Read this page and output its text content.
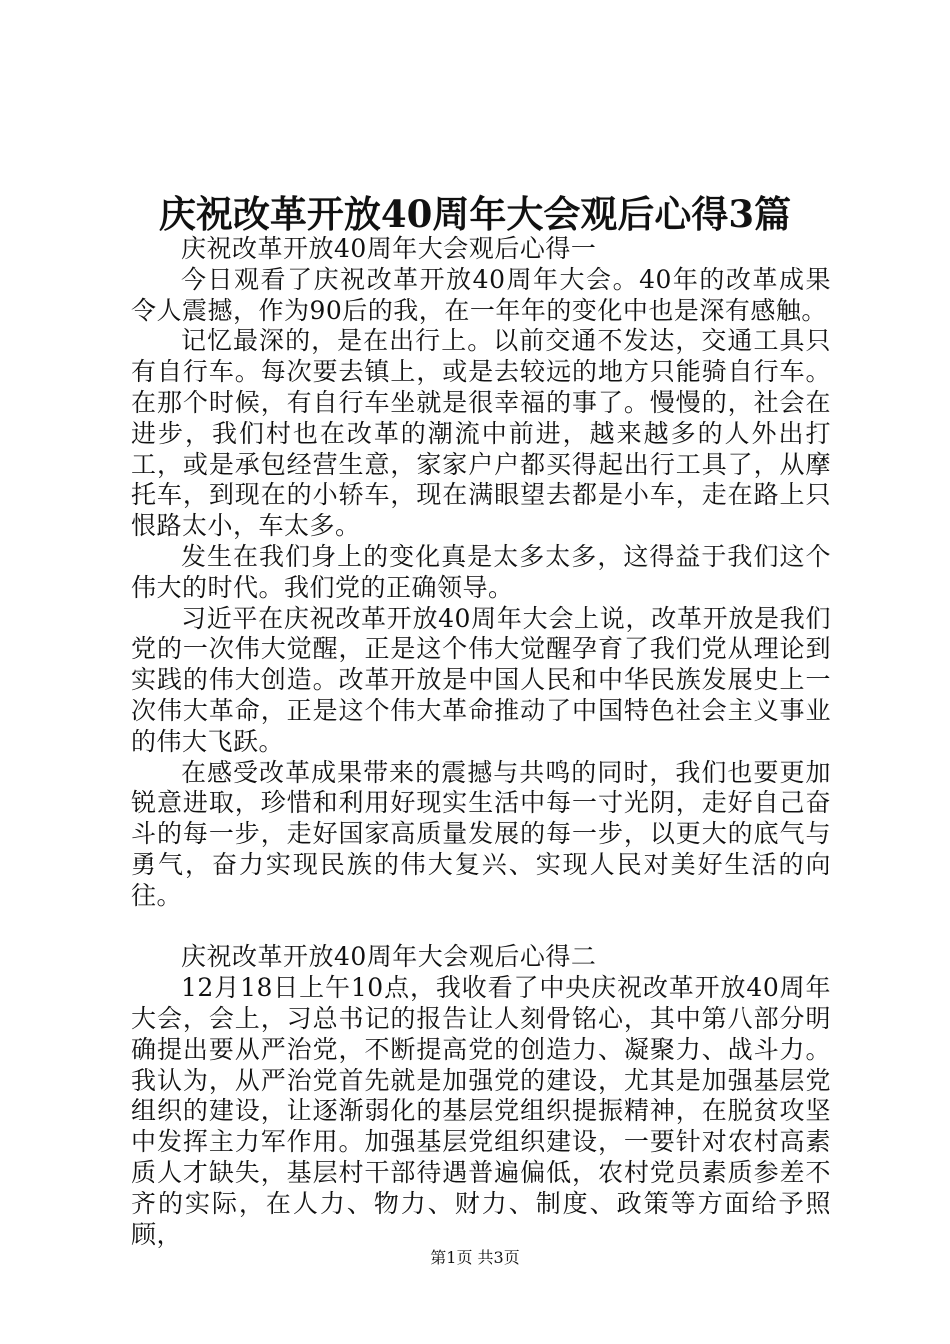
庆祝改革开放40周年大会观后心得3篇

庆祝改革开放40周年大会观后心得一

今日观看了庆祝改革开放40周年大会。40年的改革成果令人震撼，作为90后的我，在一年年的变化中也是深有感触。

记忆最深的，是在出行上。以前交通不发达，交通工具只有自行车。每次要去镇上，或是去较远的地方只能骑自行车。在那个时候，有自行车坐就是很幸福的事了。慢慢的，社会在进步，我们村也在改革的潮流中前进，越来越多的人外出打工，或是承包经营生意，家家户户都买得起出行工具了，从摩托车，到现在的小轿车，现在满眼望去都是小车，走在路上只恨路太小，车太多。

发生在我们身上的变化真是太多太多，这得益于我们这个伟大的时代。我们党的正确领导。

习近平在庆祝改革开放40周年大会上说，改革开放是我们党的一次伟大觉醒，正是这个伟大觉醒孕育了我们党从理论到实践的伟大创造。改革开放是中国人民和中华民族发展史上一次伟大革命，正是这个伟大革命推动了中国特色社会主义事业的伟大飞跃。

在感受改革成果带来的震撼与共鸣的同时，我们也要更加锐意进取，珍惜和利用好现实生活中每一寸光阴，走好自己奋斗的每一步，走好国家高质量发展的每一步，以更大的底气与勇气，奋力实现民族的伟大复兴、实现人民对美好生活的向往。

庆祝改革开放40周年大会观后心得二

12月18日上午10点，我收看了中央庆祝改革开放40周年大会，会上，习总书记的报告让人刻骨铭心，其中第八部分明确提出要从严治党，不断提高党的创造力、凝聚力、战斗力。我认为，从严治党首先就是加强党的建设，尤其是加强基层党组织的建设，让逐渐弱化的基层党组织提振精神，在脱贫攻坚中发挥主力军作用。加强基层党组织建设，一要针对农村高素质人才缺失，基层村干部待遇普遍偏低，农村党员素质参差不齐的实际，在人力、物力、财力、制度、政策等方面给予照顾，

第1页 共3页
